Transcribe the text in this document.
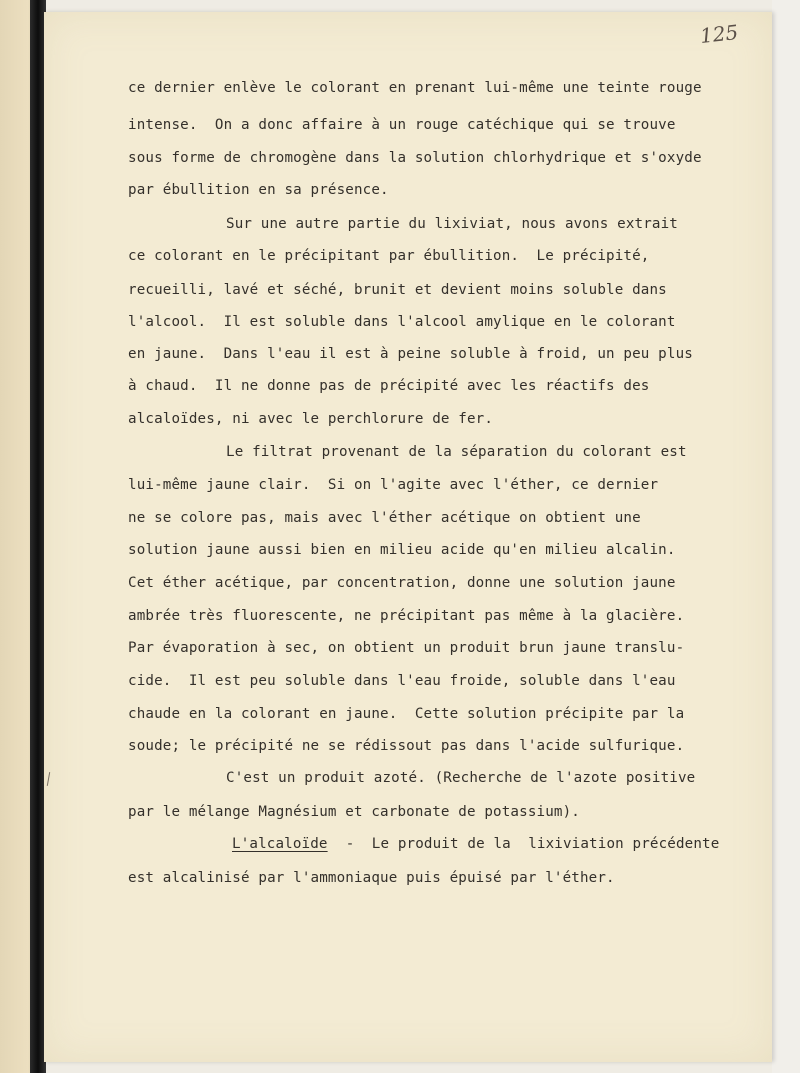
125
ce dernier enlève le colorant en prenant lui-même une teinte rouge
intense.  On a donc affaire à un rouge catéchique qui se trouve
sous forme de chromogène dans la solution chlorhydrique et s'oxyde
par ébullition en sa présence.
Sur une autre partie du lixiviat, nous avons extrait
ce colorant en le précipitant par ébullition.  Le précipité,
recueilli, lavé et séché, brunit et devient moins soluble dans
l'alcool.  Il est soluble dans l'alcool amylique en le colorant
en jaune.  Dans l'eau il est à peine soluble à froid, un peu plus
à chaud.  Il ne donne pas de précipité avec les réactifs des
alcaloïdes, ni avec le perchlorure de fer.
Le filtrat provenant de la séparation du colorant est
lui-même jaune clair.  Si on l'agite avec l'éther, ce dernier
ne se colore pas, mais avec l'éther acétique on obtient une
solution jaune aussi bien en milieu acide qu'en milieu alcalin.
Cet éther acétique, par concentration, donne une solution jaune
ambrée très fluorescente, ne précipitant pas même à la glacière.
Par évaporation à sec, on obtient un produit brun jaune translu-
cide.  Il est peu soluble dans l'eau froide, soluble dans l'eau
chaude en la colorant en jaune.  Cette solution précipite par la
soude; le précipité ne se rédissout pas dans l'acide sulfurique.
C'est un produit azoté. (Recherche de l'azote positive
par le mélange Magnésium et carbonate de potassium).
L'alcaloïde -  Le produit de la  lixiviation précédente
est alcalinisé par l'ammoniaque puis épuisé par l'éther.
